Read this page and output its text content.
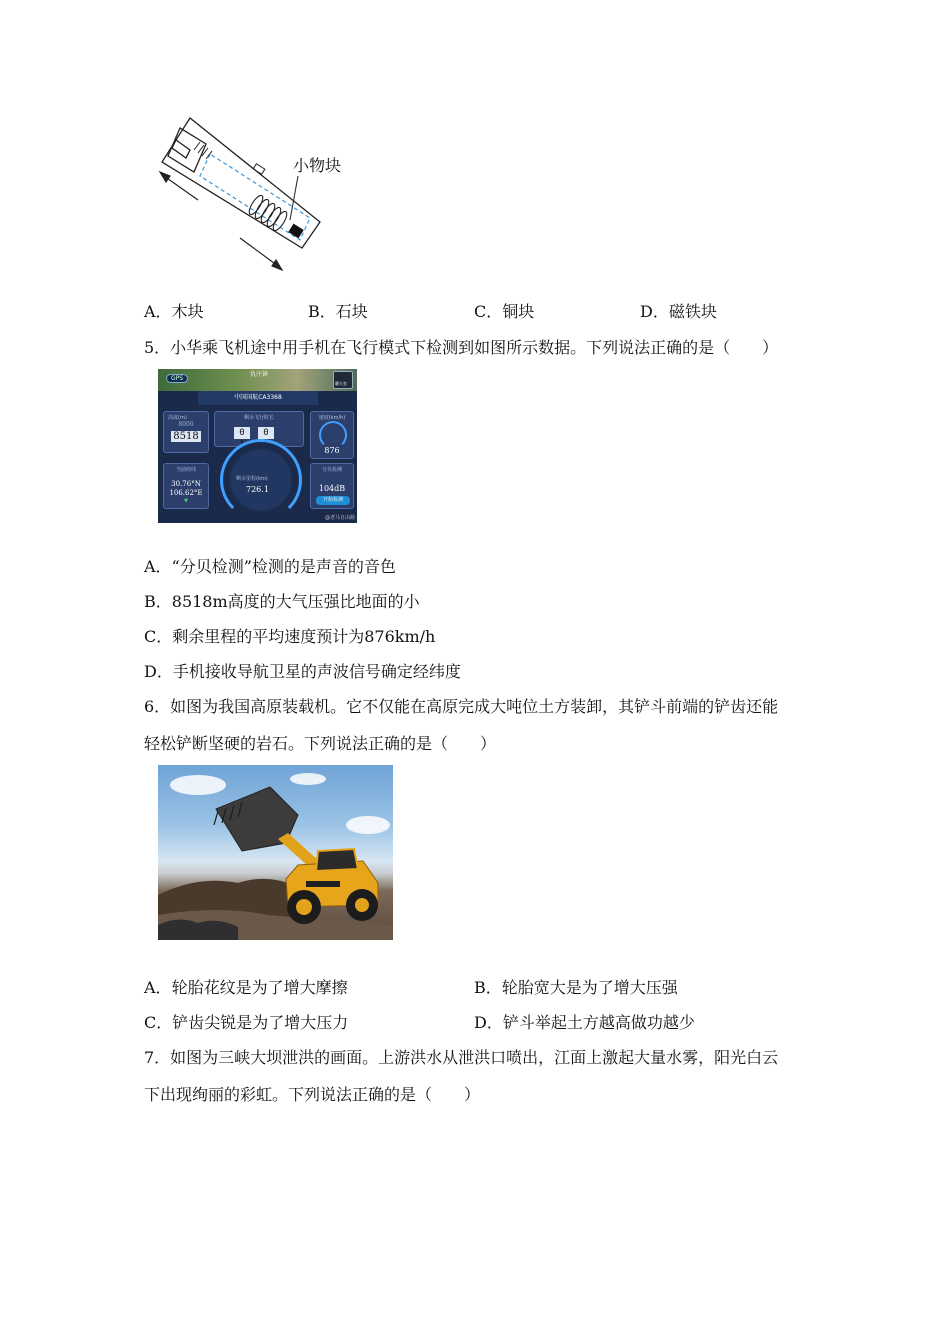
小物块
A．木块	B．石块	C．铜块	D．磁铁块
5．小华乘飞机途中用手机在飞行模式下检测到如图所示数据。下列说法正确的是（　　）
GPS
仇庄镇
聊天室
中国国航CA3368
高度(m)
8000
8518
当前经纬
30.76°N
106.62°E
▼
剩余飞行时长
0	0
剩余里程(km)
726.1
速度(km/h)
876
分贝检测
104dB
开始检测
@老马自由路
A．“分贝检测”检测的是声音的音色
B．8518m高度的大气压强比地面的小
C．剩余里程的平均速度预计为876km/h
D．手机接收导航卫星的声波信号确定经纬度
6．如图为我国高原装载机。它不仅能在高原完成大吨位土方装卸，其铲斗前端的铲齿还能
轻松铲断坚硬的岩石。下列说法正确的是（　　）
A．轮胎花纹是为了增大摩擦	B．轮胎宽大是为了增大压强
C．铲齿尖锐是为了增大压力	D．铲斗举起土方越高做功越少
7．如图为三峡大坝泄洪的画面。上游洪水从泄洪口喷出，江面上激起大量水雾，阳光白云
下出现绚丽的彩虹。下列说法正确的是（　　）
